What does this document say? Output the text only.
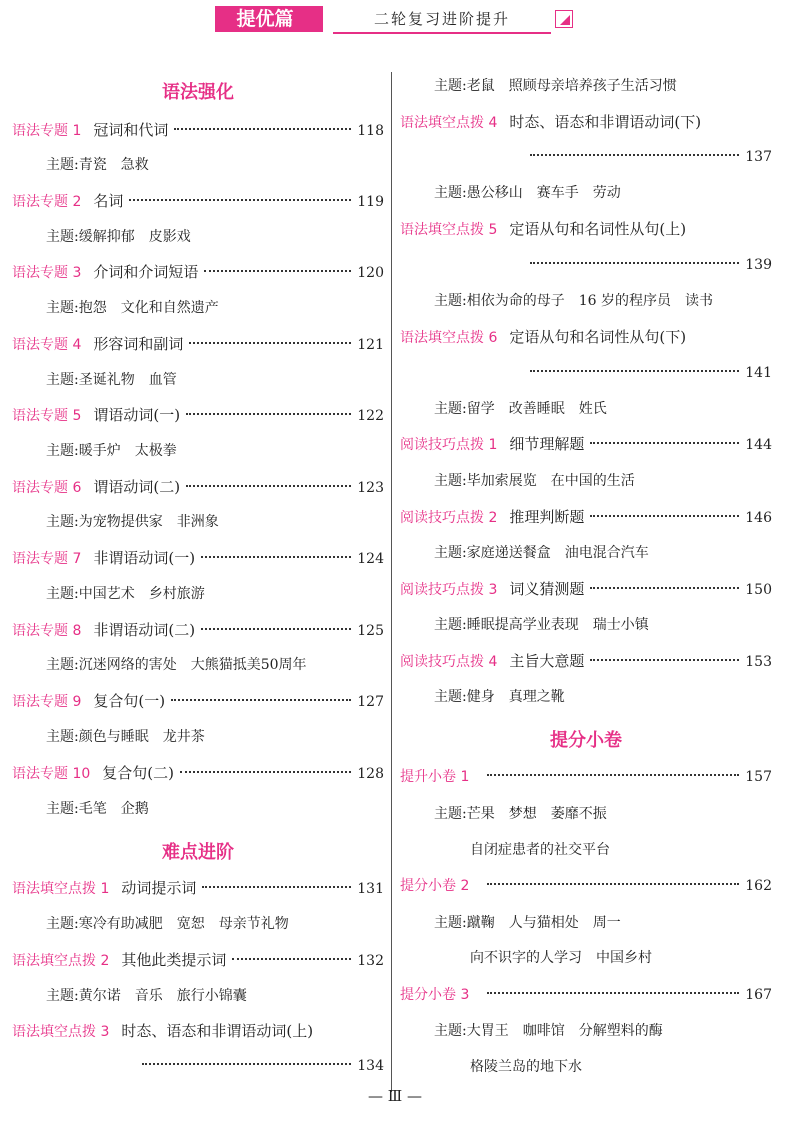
提优篇	二轮复习进阶提升
语法强化
语法专题 1 冠词和代词	118
主题:青瓷　急救
语法专题 2 名词	119
主题:缓解抑郁　皮影戏
语法专题 3 介词和介词短语	120
主题:抱怨　文化和自然遗产
语法专题 4 形容词和副词	121
主题:圣诞礼物　血管
语法专题 5 谓语动词(一)	122
主题:暖手炉　太极拳
语法专题 6 谓语动词(二)	123
主题:为宠物提供家　非洲象
语法专题 7 非谓语动词(一)	124
主题:中国艺术　乡村旅游
语法专题 8 非谓语动词(二)	125
主题:沉迷网络的害处　大熊猫抵美50周年
语法专题 9 复合句(一)	127
主题:颜色与睡眠　龙井茶
语法专题 10 复合句(二)	128
主题:毛笔　企鹅
难点进阶
语法填空点拨 1 动词提示词	131
主题:寒冷有助减肥　宽恕　母亲节礼物
语法填空点拨 2 其他此类提示词	132
主题:黄尔诺　音乐　旅行小锦囊
语法填空点拨 3 时态、语态和非谓语动词(上)
134
主题:老鼠　照顾母亲培养孩子生活习惯
语法填空点拨 4 时态、语态和非谓语动词(下)
137
主题:愚公移山　赛车手　劳动
语法填空点拨 5 定语从句和名词性从句(上)
139
主题:相依为命的母子　16 岁的程序员　读书
语法填空点拨 6 定语从句和名词性从句(下)
141
主题:留学　改善睡眠　姓氏
阅读技巧点拨 1 细节理解题	144
主题:毕加索展览　在中国的生活
阅读技巧点拨 2 推理判断题	146
主题:家庭递送餐盒　油电混合汽车
阅读技巧点拨 3 词义猜测题	150
主题:睡眠提高学业表现　瑞士小镇
阅读技巧点拨 4 主旨大意题	153
主题:健身　真理之靴
提分小卷
提升小卷 1	157
主题:芒果　梦想　萎靡不振
自闭症患者的社交平台
提分小卷 2	162
主题:蹴鞠　人与猫相处　周一
向不识字的人学习　中国乡村
提分小卷 3	167
主题:大胃王　咖啡馆　分解塑料的酶
格陵兰岛的地下水
— Ⅲ —
